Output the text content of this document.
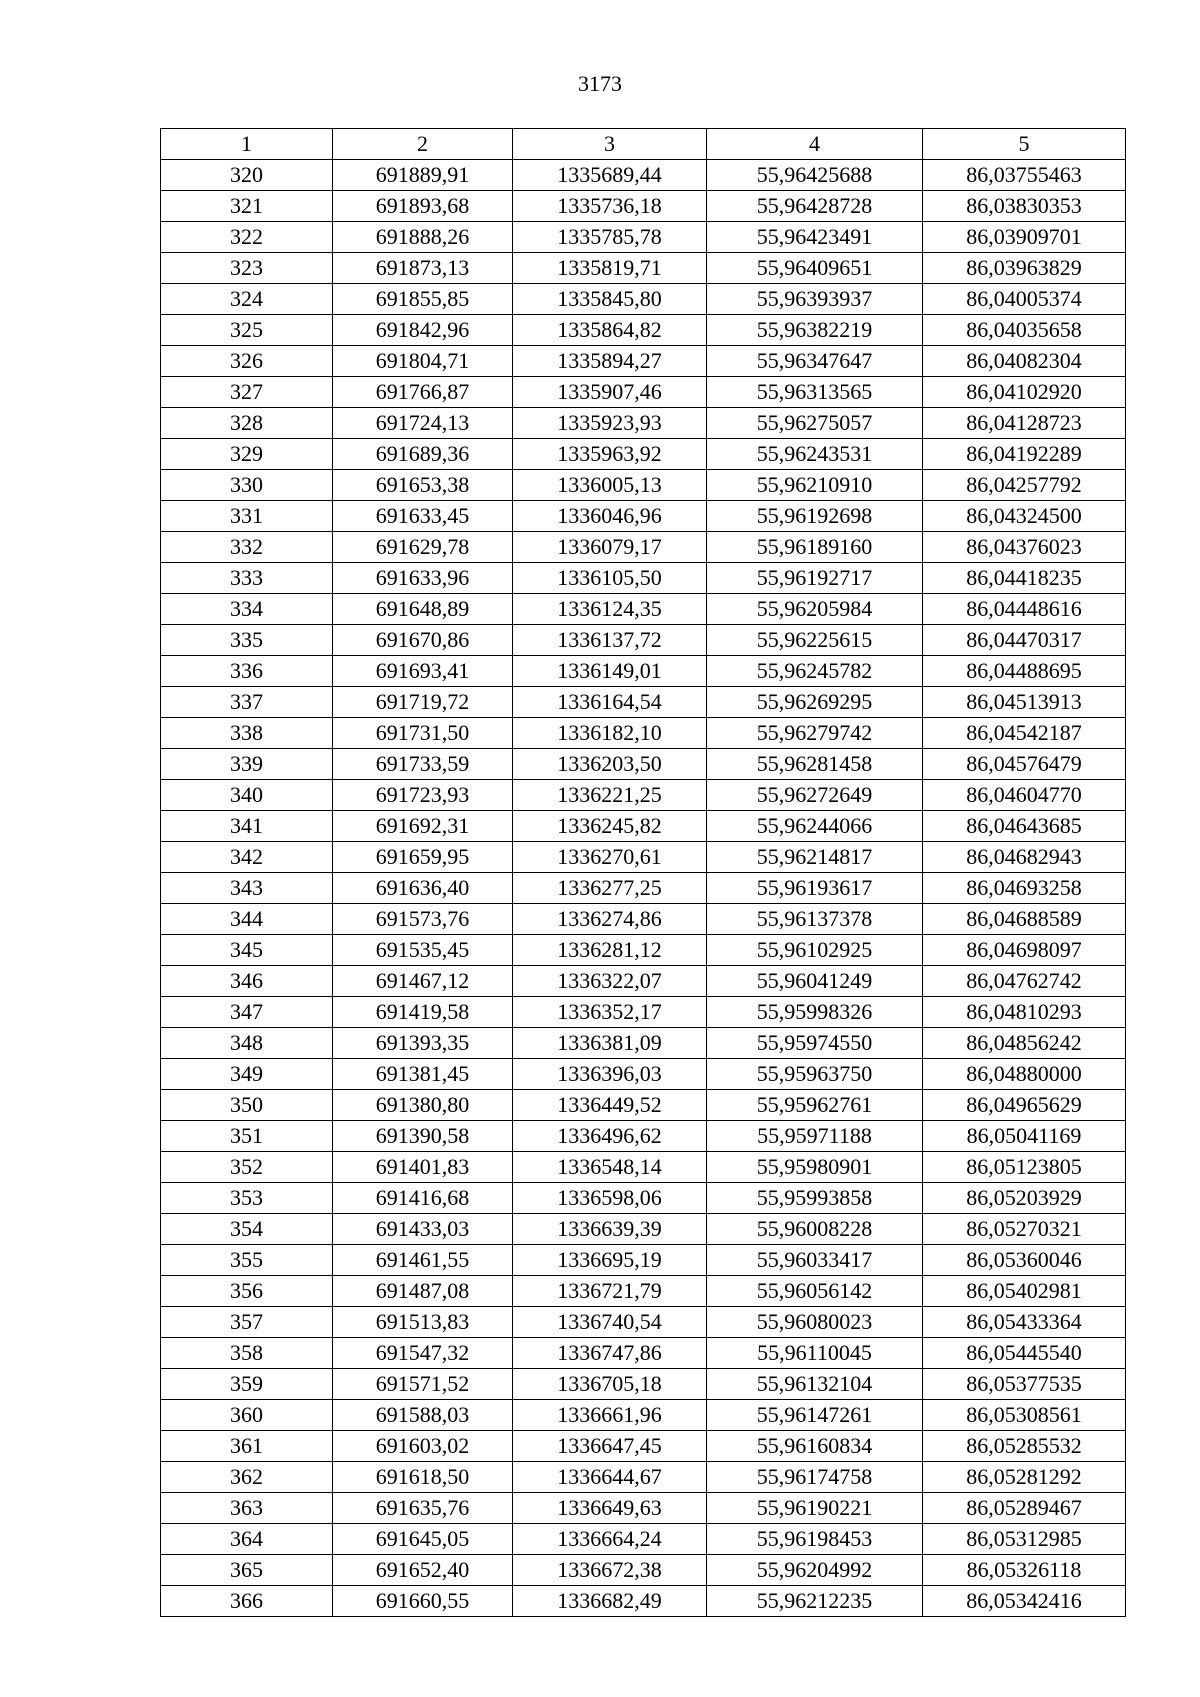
3173
1	2	3	4	5
320	691889,91	1335689,44	55,96425688	86,03755463
321	691893,68	1335736,18	55,96428728	86,03830353
322	691888,26	1335785,78	55,96423491	86,03909701
323	691873,13	1335819,71	55,96409651	86,03963829
324	691855,85	1335845,80	55,96393937	86,04005374
325	691842,96	1335864,82	55,96382219	86,04035658
326	691804,71	1335894,27	55,96347647	86,04082304
327	691766,87	1335907,46	55,96313565	86,04102920
328	691724,13	1335923,93	55,96275057	86,04128723
329	691689,36	1335963,92	55,96243531	86,04192289
330	691653,38	1336005,13	55,96210910	86,04257792
331	691633,45	1336046,96	55,96192698	86,04324500
332	691629,78	1336079,17	55,96189160	86,04376023
333	691633,96	1336105,50	55,96192717	86,04418235
334	691648,89	1336124,35	55,96205984	86,04448616
335	691670,86	1336137,72	55,96225615	86,04470317
336	691693,41	1336149,01	55,96245782	86,04488695
337	691719,72	1336164,54	55,96269295	86,04513913
338	691731,50	1336182,10	55,96279742	86,04542187
339	691733,59	1336203,50	55,96281458	86,04576479
340	691723,93	1336221,25	55,96272649	86,04604770
341	691692,31	1336245,82	55,96244066	86,04643685
342	691659,95	1336270,61	55,96214817	86,04682943
343	691636,40	1336277,25	55,96193617	86,04693258
344	691573,76	1336274,86	55,96137378	86,04688589
345	691535,45	1336281,12	55,96102925	86,04698097
346	691467,12	1336322,07	55,96041249	86,04762742
347	691419,58	1336352,17	55,95998326	86,04810293
348	691393,35	1336381,09	55,95974550	86,04856242
349	691381,45	1336396,03	55,95963750	86,04880000
350	691380,80	1336449,52	55,95962761	86,04965629
351	691390,58	1336496,62	55,95971188	86,05041169
352	691401,83	1336548,14	55,95980901	86,05123805
353	691416,68	1336598,06	55,95993858	86,05203929
354	691433,03	1336639,39	55,96008228	86,05270321
355	691461,55	1336695,19	55,96033417	86,05360046
356	691487,08	1336721,79	55,96056142	86,05402981
357	691513,83	1336740,54	55,96080023	86,05433364
358	691547,32	1336747,86	55,96110045	86,05445540
359	691571,52	1336705,18	55,96132104	86,05377535
360	691588,03	1336661,96	55,96147261	86,05308561
361	691603,02	1336647,45	55,96160834	86,05285532
362	691618,50	1336644,67	55,96174758	86,05281292
363	691635,76	1336649,63	55,96190221	86,05289467
364	691645,05	1336664,24	55,96198453	86,05312985
365	691652,40	1336672,38	55,96204992	86,05326118
366	691660,55	1336682,49	55,96212235	86,05342416
